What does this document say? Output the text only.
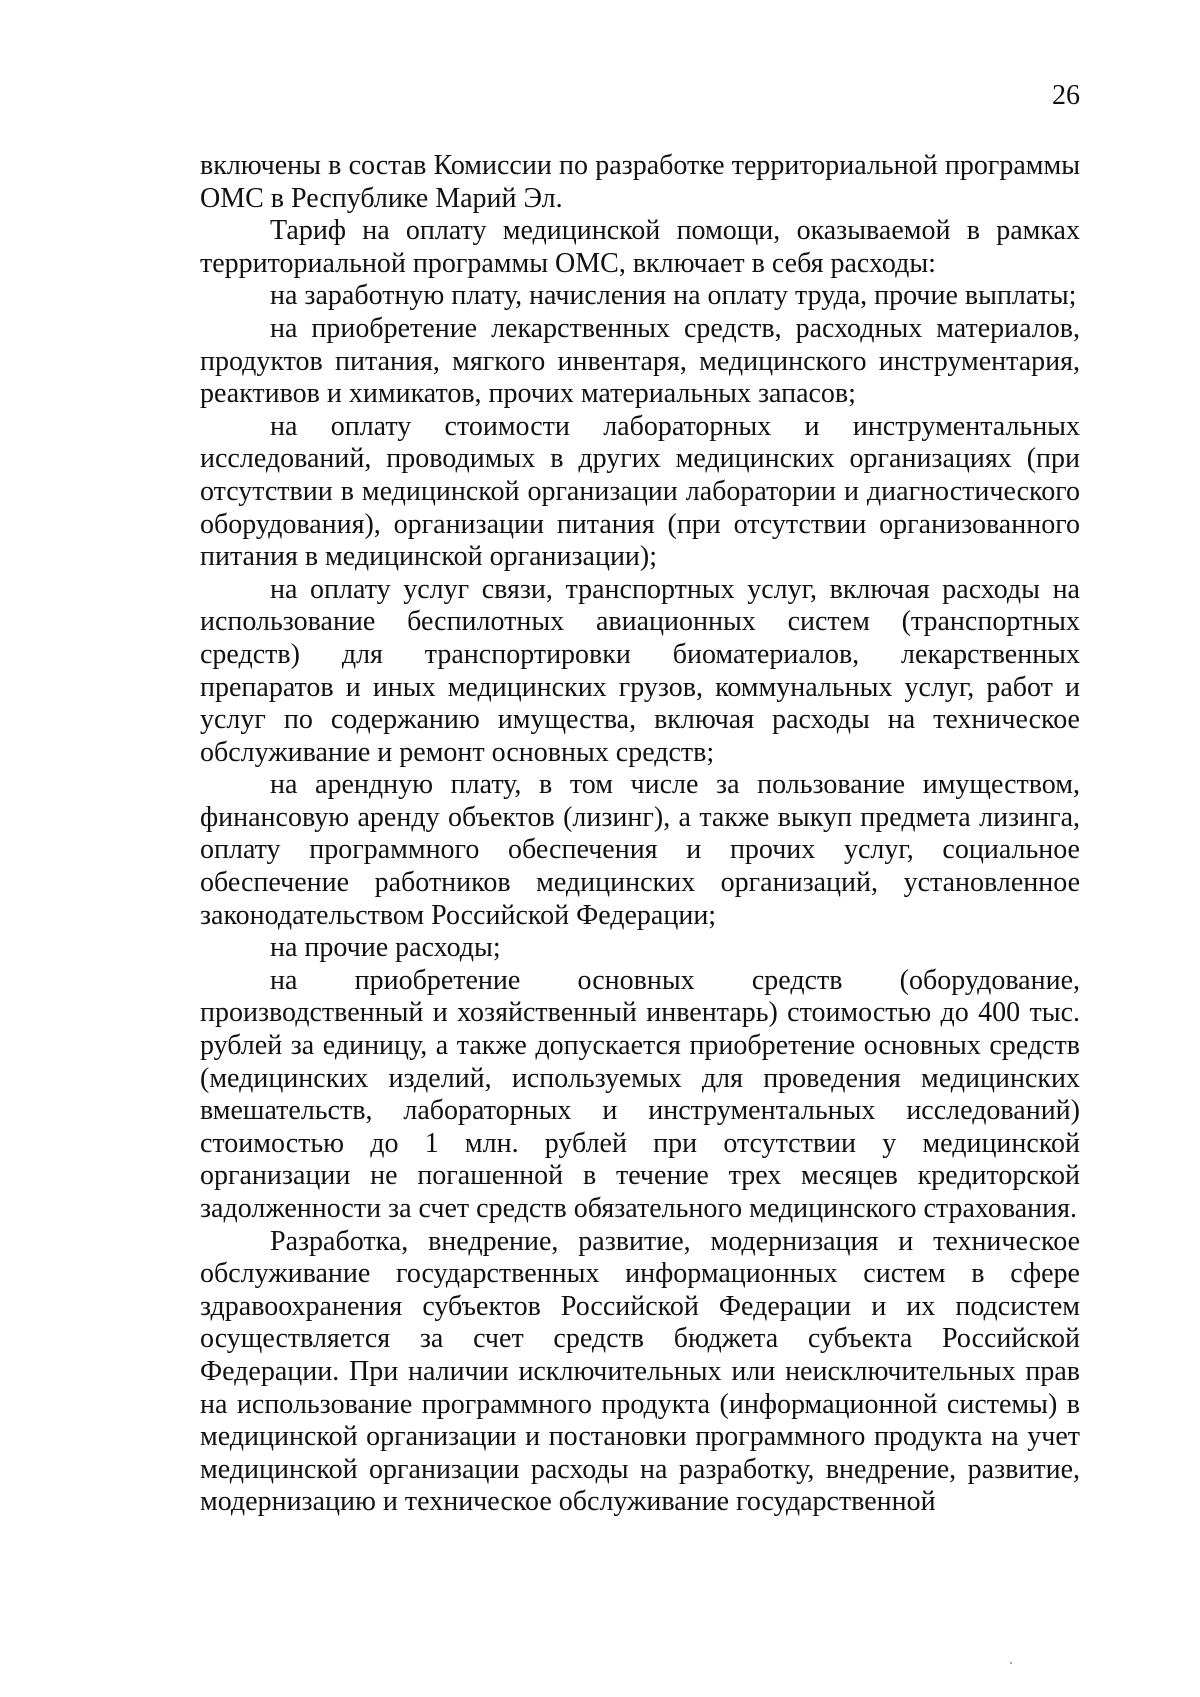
26

включены в состав Комиссии по разработке территориальной программы ОМС в Республике Марий Эл.

Тариф на оплату медицинской помощи, оказываемой в рамках территориальной программы ОМС, включает в себя расходы:

на заработную плату, начисления на оплату труда, прочие выплаты;

на приобретение лекарственных средств, расходных материалов, продуктов питания, мягкого инвентаря, медицинского инструментария, реактивов и химикатов, прочих материальных запасов;

на оплату стоимости лабораторных и инструментальных исследований, проводимых в других медицинских организациях (при отсутствии в медицинской организации лаборатории и диагностического оборудования), организации питания (при отсутствии организованного питания в медицинской организации);

на оплату услуг связи, транспортных услуг, включая расходы на использование беспилотных авиационных систем (транспортных средств) для транспортировки биоматериалов, лекарственных препаратов и иных медицинских грузов, коммунальных услуг, работ и услуг по содержанию имущества, включая расходы на техническое обслуживание и ремонт основных средств;

на арендную плату, в том числе за пользование имуществом, финансовую аренду объектов (лизинг), а также выкуп предмета лизинга, оплату программного обеспечения и прочих услуг, социальное обеспечение работников медицинских организаций, установленное законодательством Российской Федерации;

на прочие расходы;

на приобретение основных средств (оборудование, производственный и хозяйственный инвентарь) стоимостью до 400 тыс. рублей за единицу, а также допускается приобретение основных средств (медицинских изделий, используемых для проведения медицинских вмешательств, лабораторных и инструментальных исследований) стоимостью до 1 млн. рублей при отсутствии у медицинской организации не погашенной в течение трех месяцев кредиторской задолженности за счет средств обязательного медицинского страхования.

Разработка, внедрение, развитие, модернизация и техническое обслуживание государственных информационных систем в сфере здравоохранения субъектов Российской Федерации и их подсистем осуществляется за счет средств бюджета субъекта Российской Федерации. При наличии исключительных или неисключительных прав на использование программного продукта (информационной системы) в медицинской организации и постановки программного продукта на учет медицинской организации расходы на разработку, внедрение, развитие, модернизацию и техническое обслуживание государственной
